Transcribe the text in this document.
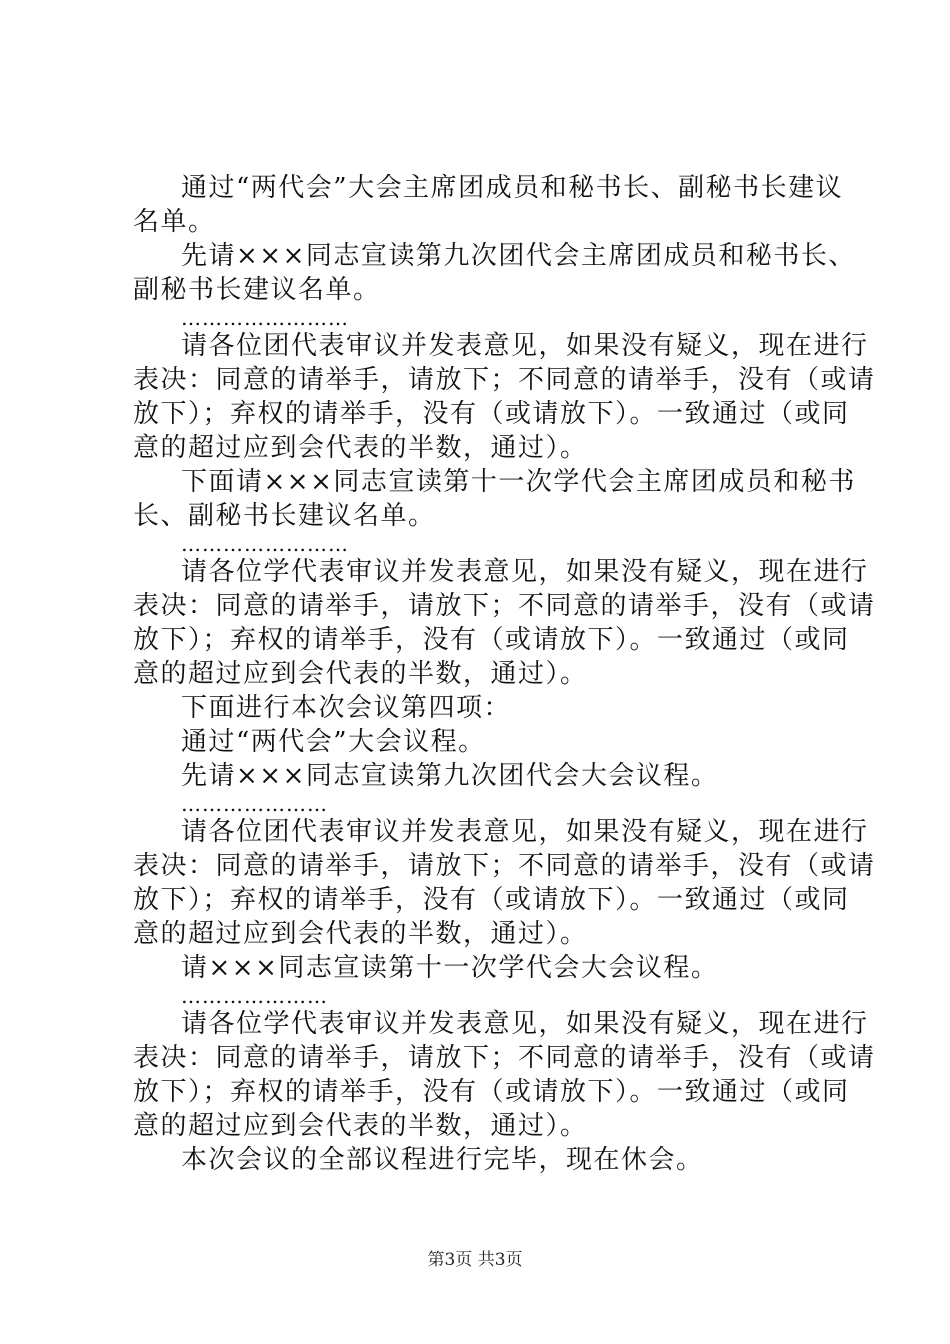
通过“两代会”大会主席团成员和秘书长、副秘书长建议
名单。
先请×××同志宣读第九次团代会主席团成员和秘书长、
副秘书长建议名单。
……………………
请各位团代表审议并发表意见，如果没有疑义，现在进行
表决：同意的请举手，请放下；不同意的请举手，没有（或请
放下）；弃权的请举手，没有（或请放下）。一致通过（或同
意的超过应到会代表的半数，通过）。
下面请×××同志宣读第十一次学代会主席团成员和秘书
长、副秘书长建议名单。
……………………
请各位学代表审议并发表意见，如果没有疑义，现在进行
表决：同意的请举手，请放下；不同意的请举手，没有（或请
放下）；弃权的请举手，没有（或请放下）。一致通过（或同
意的超过应到会代表的半数，通过）。
下面进行本次会议第四项：
通过“两代会”大会议程。
先请×××同志宣读第九次团代会大会议程。
…………………
请各位团代表审议并发表意见，如果没有疑义，现在进行
表决：同意的请举手，请放下；不同意的请举手，没有（或请
放下）；弃权的请举手，没有（或请放下）。一致通过（或同
意的超过应到会代表的半数，通过）。
请×××同志宣读第十一次学代会大会议程。
…………………
请各位学代表审议并发表意见，如果没有疑义，现在进行
表决：同意的请举手，请放下；不同意的请举手，没有（或请
放下）；弃权的请举手，没有（或请放下）。一致通过（或同
意的超过应到会代表的半数，通过）。
本次会议的全部议程进行完毕，现在休会。
第3页 共3页
